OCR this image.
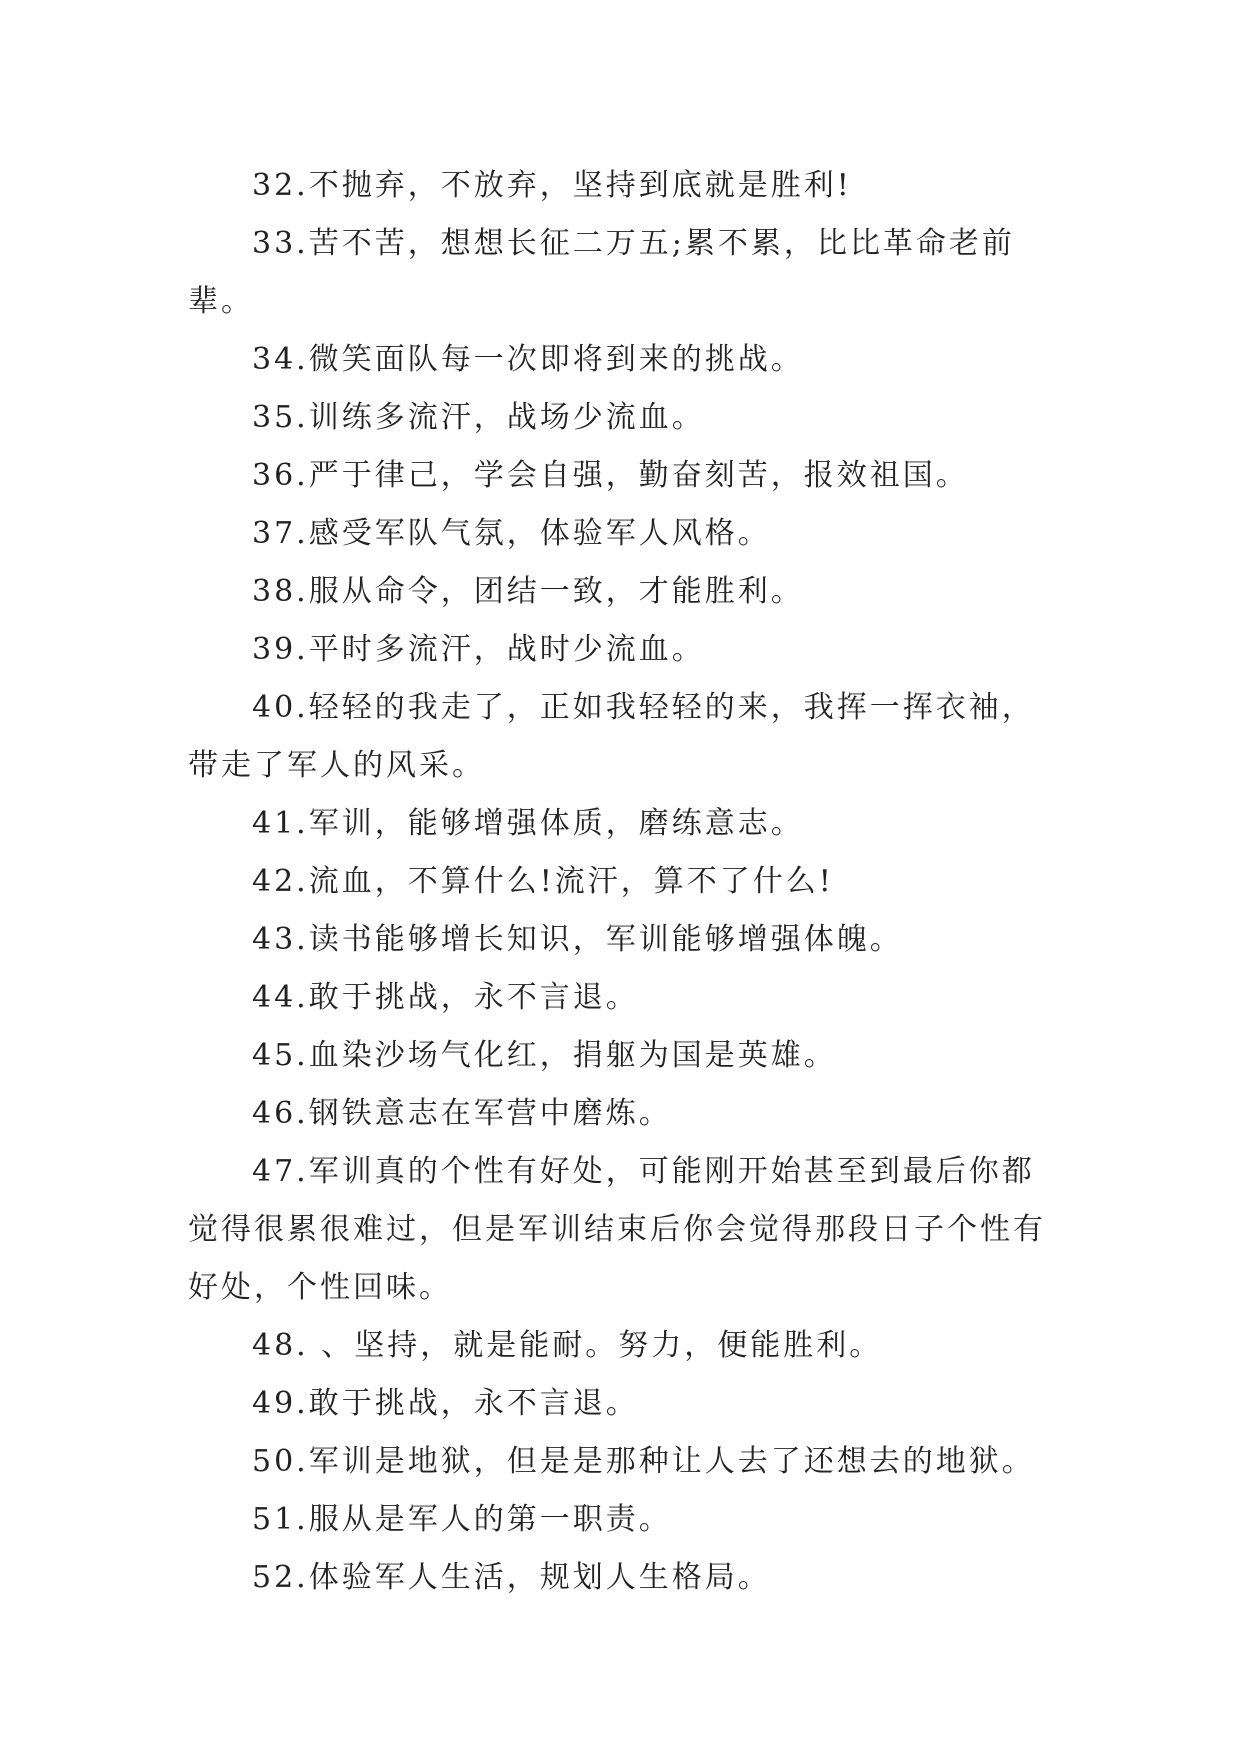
32.不抛弃，不放弃，坚持到底就是胜利!

33.苦不苦，想想长征二万五;累不累，比比革命老前辈。

34.微笑面队每一次即将到来的挑战。

35.训练多流汗，战场少流血。

36.严于律己，学会自强，勤奋刻苦，报效祖国。

37.感受军队气氛，体验军人风格。

38.服从命令，团结一致，才能胜利。

39.平时多流汗，战时少流血。

40.轻轻的我走了，正如我轻轻的来，我挥一挥衣袖，带走了军人的风采。

41.军训，能够增强体质，磨练意志。

42.流血，不算什么!流汗，算不了什么!

43.读书能够增长知识，军训能够增强体魄。

44.敢于挑战，永不言退。

45.血染沙场气化红，捐躯为国是英雄。

46.钢铁意志在军营中磨炼。

47.军训真的个性有好处，可能刚开始甚至到最后你都觉得很累很难过，但是军训结束后你会觉得那段日子个性有好处，个性回味。

48. 、坚持，就是能耐。努力，便能胜利。

49.敢于挑战，永不言退。

50.军训是地狱，但是是那种让人去了还想去的地狱。

51.服从是军人的第一职责。

52.体验军人生活，规划人生格局。
